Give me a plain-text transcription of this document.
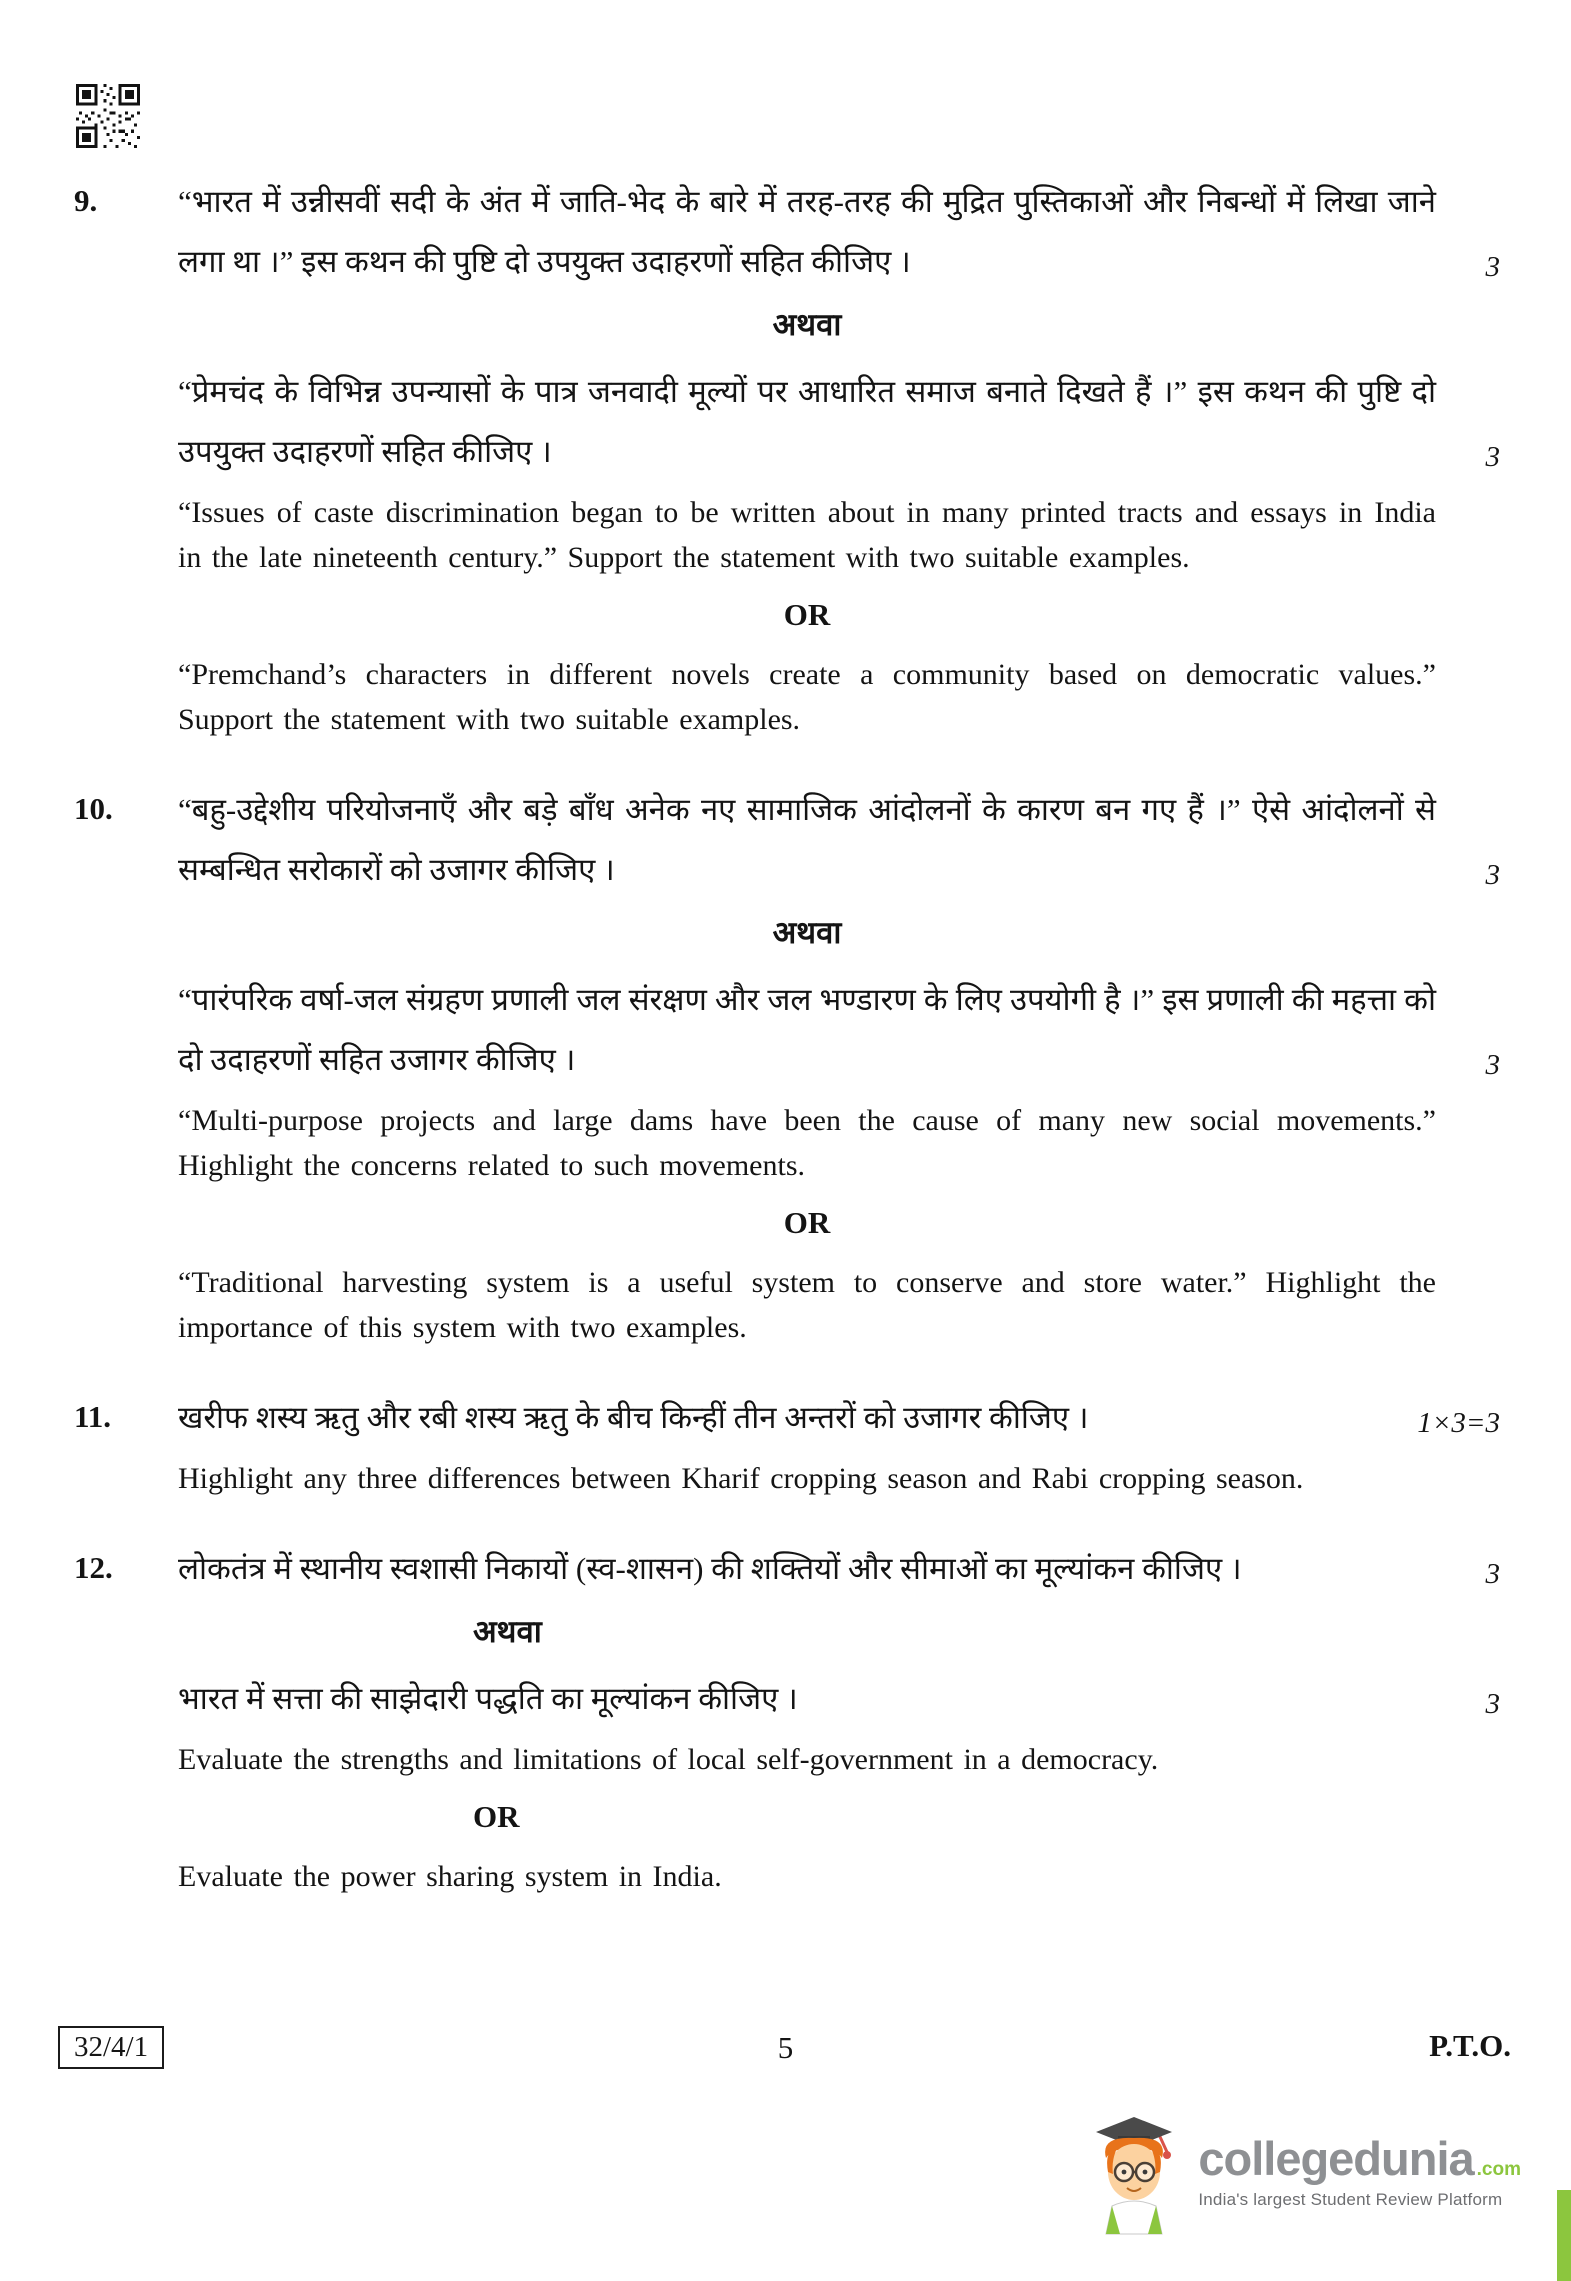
9.	“भारत में उन्नीसवीं सदी के अंत में जाति-भेद के बारे में तरह-तरह की मुद्रित पुस्तिकाओं और निबन्धों में लिखा जाने लगा था ।” इस कथन की पुष्टि दो उपयुक्त उदाहरणों सहित कीजिए ।	3
अथवा
“प्रेमचंद के विभिन्न उपन्यासों के पात्र जनवादी मूल्यों पर आधारित समाज बनाते दिखते हैं ।” इस कथन की पुष्टि दो उपयुक्त उदाहरणों सहित कीजिए ।	3
“Issues of caste discrimination began to be written about in many printed tracts and essays in India in the late nineteenth century.” Support the statement with two suitable examples.
OR
“Premchand’s characters in different novels create a community based on democratic values.” Support the statement with two suitable examples.
10.	“बहु-उद्देशीय परियोजनाएँ और बड़े बाँध अनेक नए सामाजिक आंदोलनों के कारण बन गए हैं ।” ऐसे आंदोलनों से सम्बन्धित सरोकारों को उजागर कीजिए ।	3
अथवा
“पारंपरिक वर्षा-जल संग्रहण प्रणाली जल संरक्षण और जल भण्डारण के लिए उपयोगी है ।” इस प्रणाली की महत्ता को दो उदाहरणों सहित उजागर कीजिए ।	3
“Multi-purpose projects and large dams have been the cause of many new social movements.” Highlight the concerns related to such movements.
OR
“Traditional harvesting system is a useful system to conserve and store water.” Highlight the importance of this system with two examples.
11.	खरीफ शस्य ऋतु और रबी शस्य ऋतु के बीच किन्हीं तीन अन्तरों को उजागर कीजिए ।	1×3=3
Highlight any three differences between Kharif cropping season and Rabi cropping season.
12.	लोकतंत्र में स्थानीय स्वशासी निकायों (स्व-शासन) की शक्तियों और सीमाओं का मूल्यांकन कीजिए ।	3
अथवा
भारत में सत्ता की साझेदारी पद्धति का मूल्यांकन कीजिए ।	3
Evaluate the strengths and limitations of local self-government in a democracy.
OR
Evaluate the power sharing system in India.
32/4/1	5	P.T.O.
collegedunia .com
India's largest Student Review Platform
